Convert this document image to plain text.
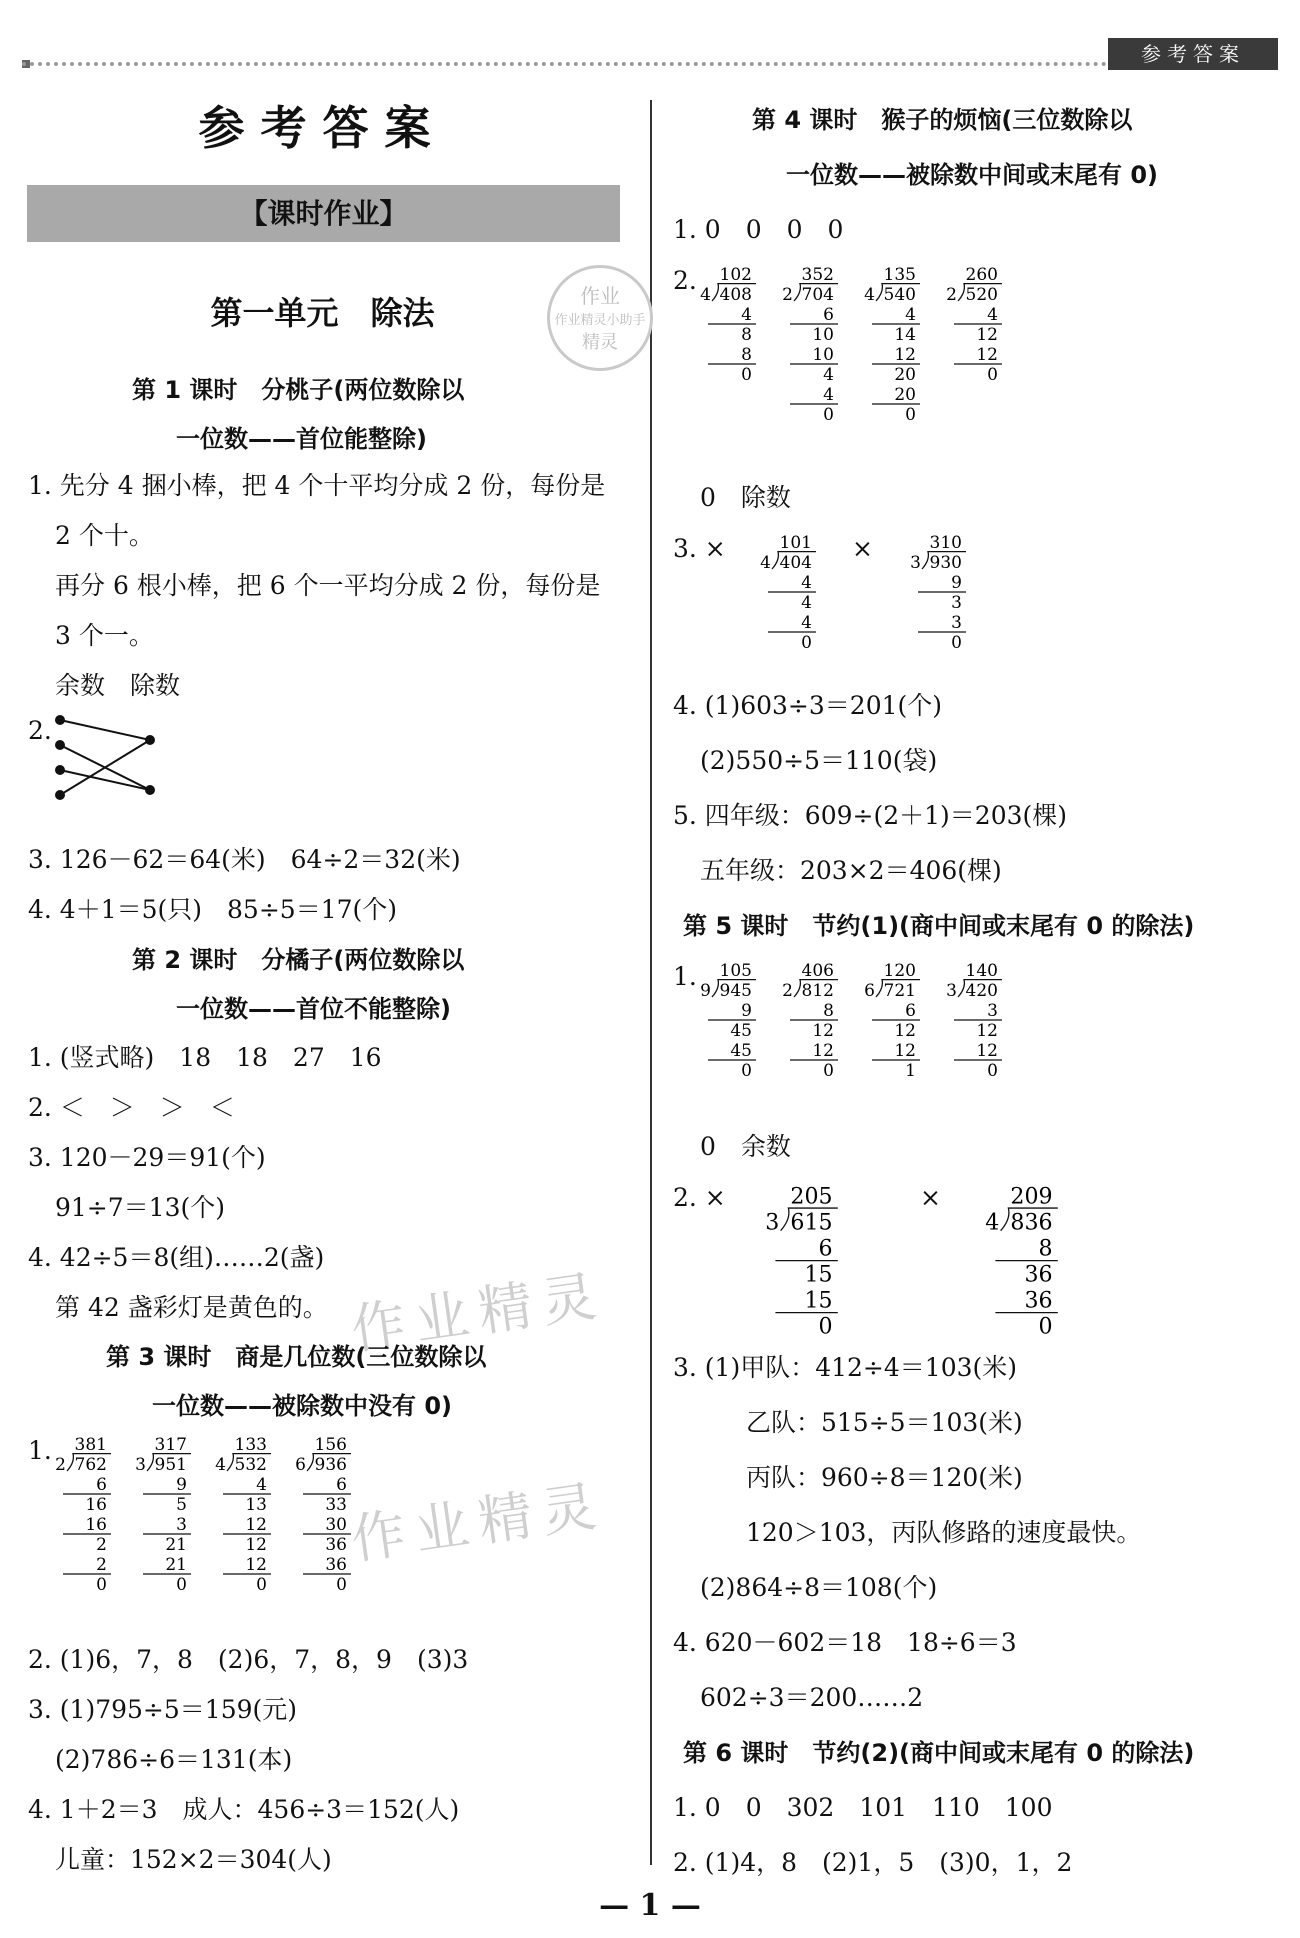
参考答案
作业
作业精灵小助手
精灵
作业精灵
作业精灵
参考答案
【课时作业】
第一单元　除法
第 1 课时　分桃子(两位数除以
一位数——首位能整除)
1. 先分 4 捆小棒，把 4 个十平均分成 2 份，每份是
2 个十。
再分 6 根小棒，把 6 个一平均分成 2 份，每份是
3 个一。
余数　除数
2.
3. 126－62＝64(米)　64÷2＝32(米)
4. 4＋1＝5(只)　85÷5＝17(个)
第 2 课时　分橘子(两位数除以
一位数——首位不能整除)
1. (竖式略)　18　18　27　16
2. ＜　＞　＞　＜
3. 120－29＝91(个)
91÷7＝13(个)
4. 42÷5＝8(组)……2(盏)
第 42 盏彩灯是黄色的。
第 3 课时　商是几位数(三位数除以
一位数——被除数中没有 0)
1. 381
2 762
6
16
16
2
2
0
317
3 951
9
5
3
21
21
0
133
4 532
4
13
12
12
12
0
156
6 936
6
33
30
36
36
0
2. (1)6，7，8　(2)6，7，8，9　(3)3
3. (1)795÷5＝159(元)
(2)786÷6＝131(本)
4. 1＋2＝3　成人：456÷3＝152(人)
儿童：152×2＝304(人)
第 4 课时　猴子的烦恼(三位数除以
一位数——被除数中间或末尾有 0)
1. 0　0　0　0
2. 102
4 408
4
8
8
0
352
2 704
6
10
10
4
4
0
135
4 540
4
14
12
20
20
0
260
2 520
4
12
12
0
0　除数
3. ×	101
4 404
4
4
4
0
310
3 930
9
3
3
0
×
4. (1)603÷3＝201(个)
(2)550÷5＝110(袋)
5. 四年级：609÷(2＋1)＝203(棵)
五年级：203×2＝406(棵)
第 5 课时　节约(1)(商中间或末尾有 0 的除法)
1. 105
9 945
9
45
45
0
406
2 812
8
12
12
0
120
6 721
6
12
12
1
140
3 420
3
12
12
0
0　余数
2. ×	205
3 615
6
15
15
0
209
4 836
8
36
36
0
×
3. (1)甲队：412÷4＝103(米)
乙队：515÷5＝103(米)
丙队：960÷8＝120(米)
120＞103，丙队修路的速度最快。
(2)864÷8＝108(个)
4. 620－602＝18　18÷6＝3
602÷3＝200……2
第 6 课时　节约(2)(商中间或末尾有 0 的除法)
1. 0　0　302　101　110　100
2. (1)4，8　(2)1，5　(3)0，1，2
— 1 —
